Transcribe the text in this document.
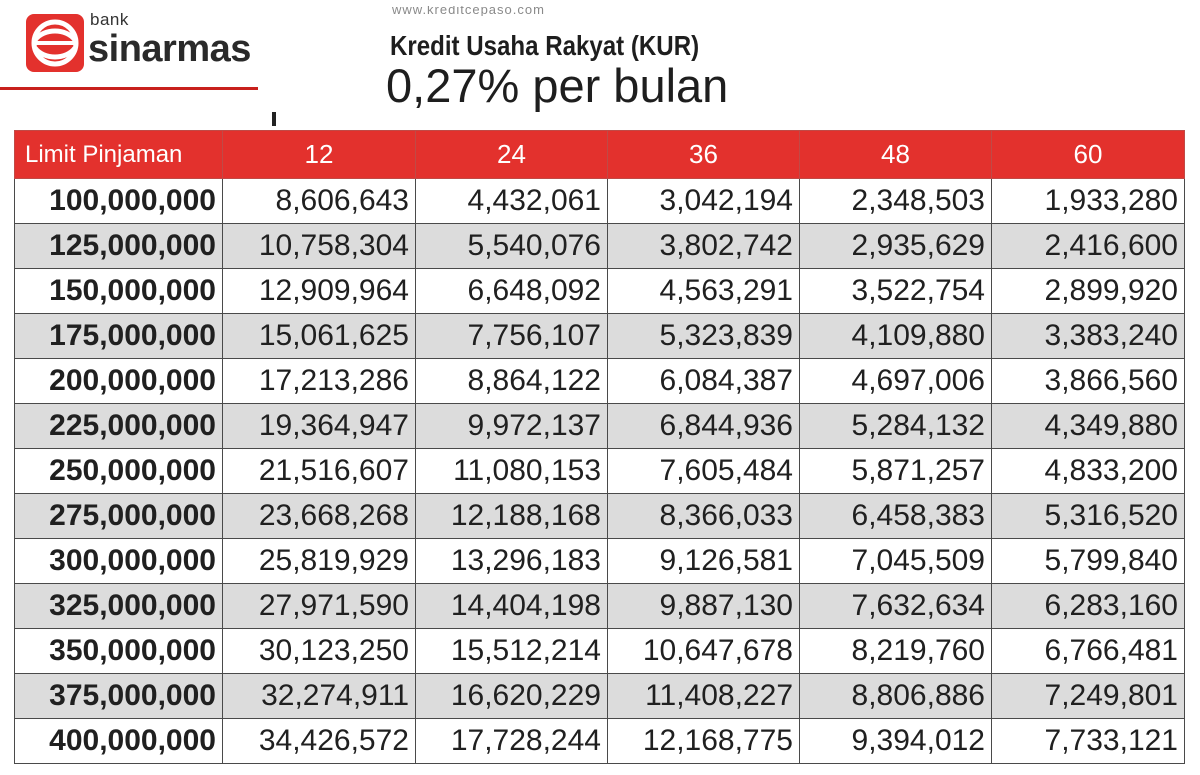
bank
sinarmas
www.kreditcepaso.com
Kredit Usaha Rakyat (KUR)
0,27% per bulan
Limit Pinjaman	12	24	36	48	60
100,000,000	8,606,643	4,432,061	3,042,194	2,348,503	1,933,280
125,000,000	10,758,304	5,540,076	3,802,742	2,935,629	2,416,600
150,000,000	12,909,964	6,648,092	4,563,291	3,522,754	2,899,920
175,000,000	15,061,625	7,756,107	5,323,839	4,109,880	3,383,240
200,000,000	17,213,286	8,864,122	6,084,387	4,697,006	3,866,560
225,000,000	19,364,947	9,972,137	6,844,936	5,284,132	4,349,880
250,000,000	21,516,607	11,080,153	7,605,484	5,871,257	4,833,200
275,000,000	23,668,268	12,188,168	8,366,033	6,458,383	5,316,520
300,000,000	25,819,929	13,296,183	9,126,581	7,045,509	5,799,840
325,000,000	27,971,590	14,404,198	9,887,130	7,632,634	6,283,160
350,000,000	30,123,250	15,512,214	10,647,678	8,219,760	6,766,481
375,000,000	32,274,911	16,620,229	11,408,227	8,806,886	7,249,801
400,000,000	34,426,572	17,728,244	12,168,775	9,394,012	7,733,121
